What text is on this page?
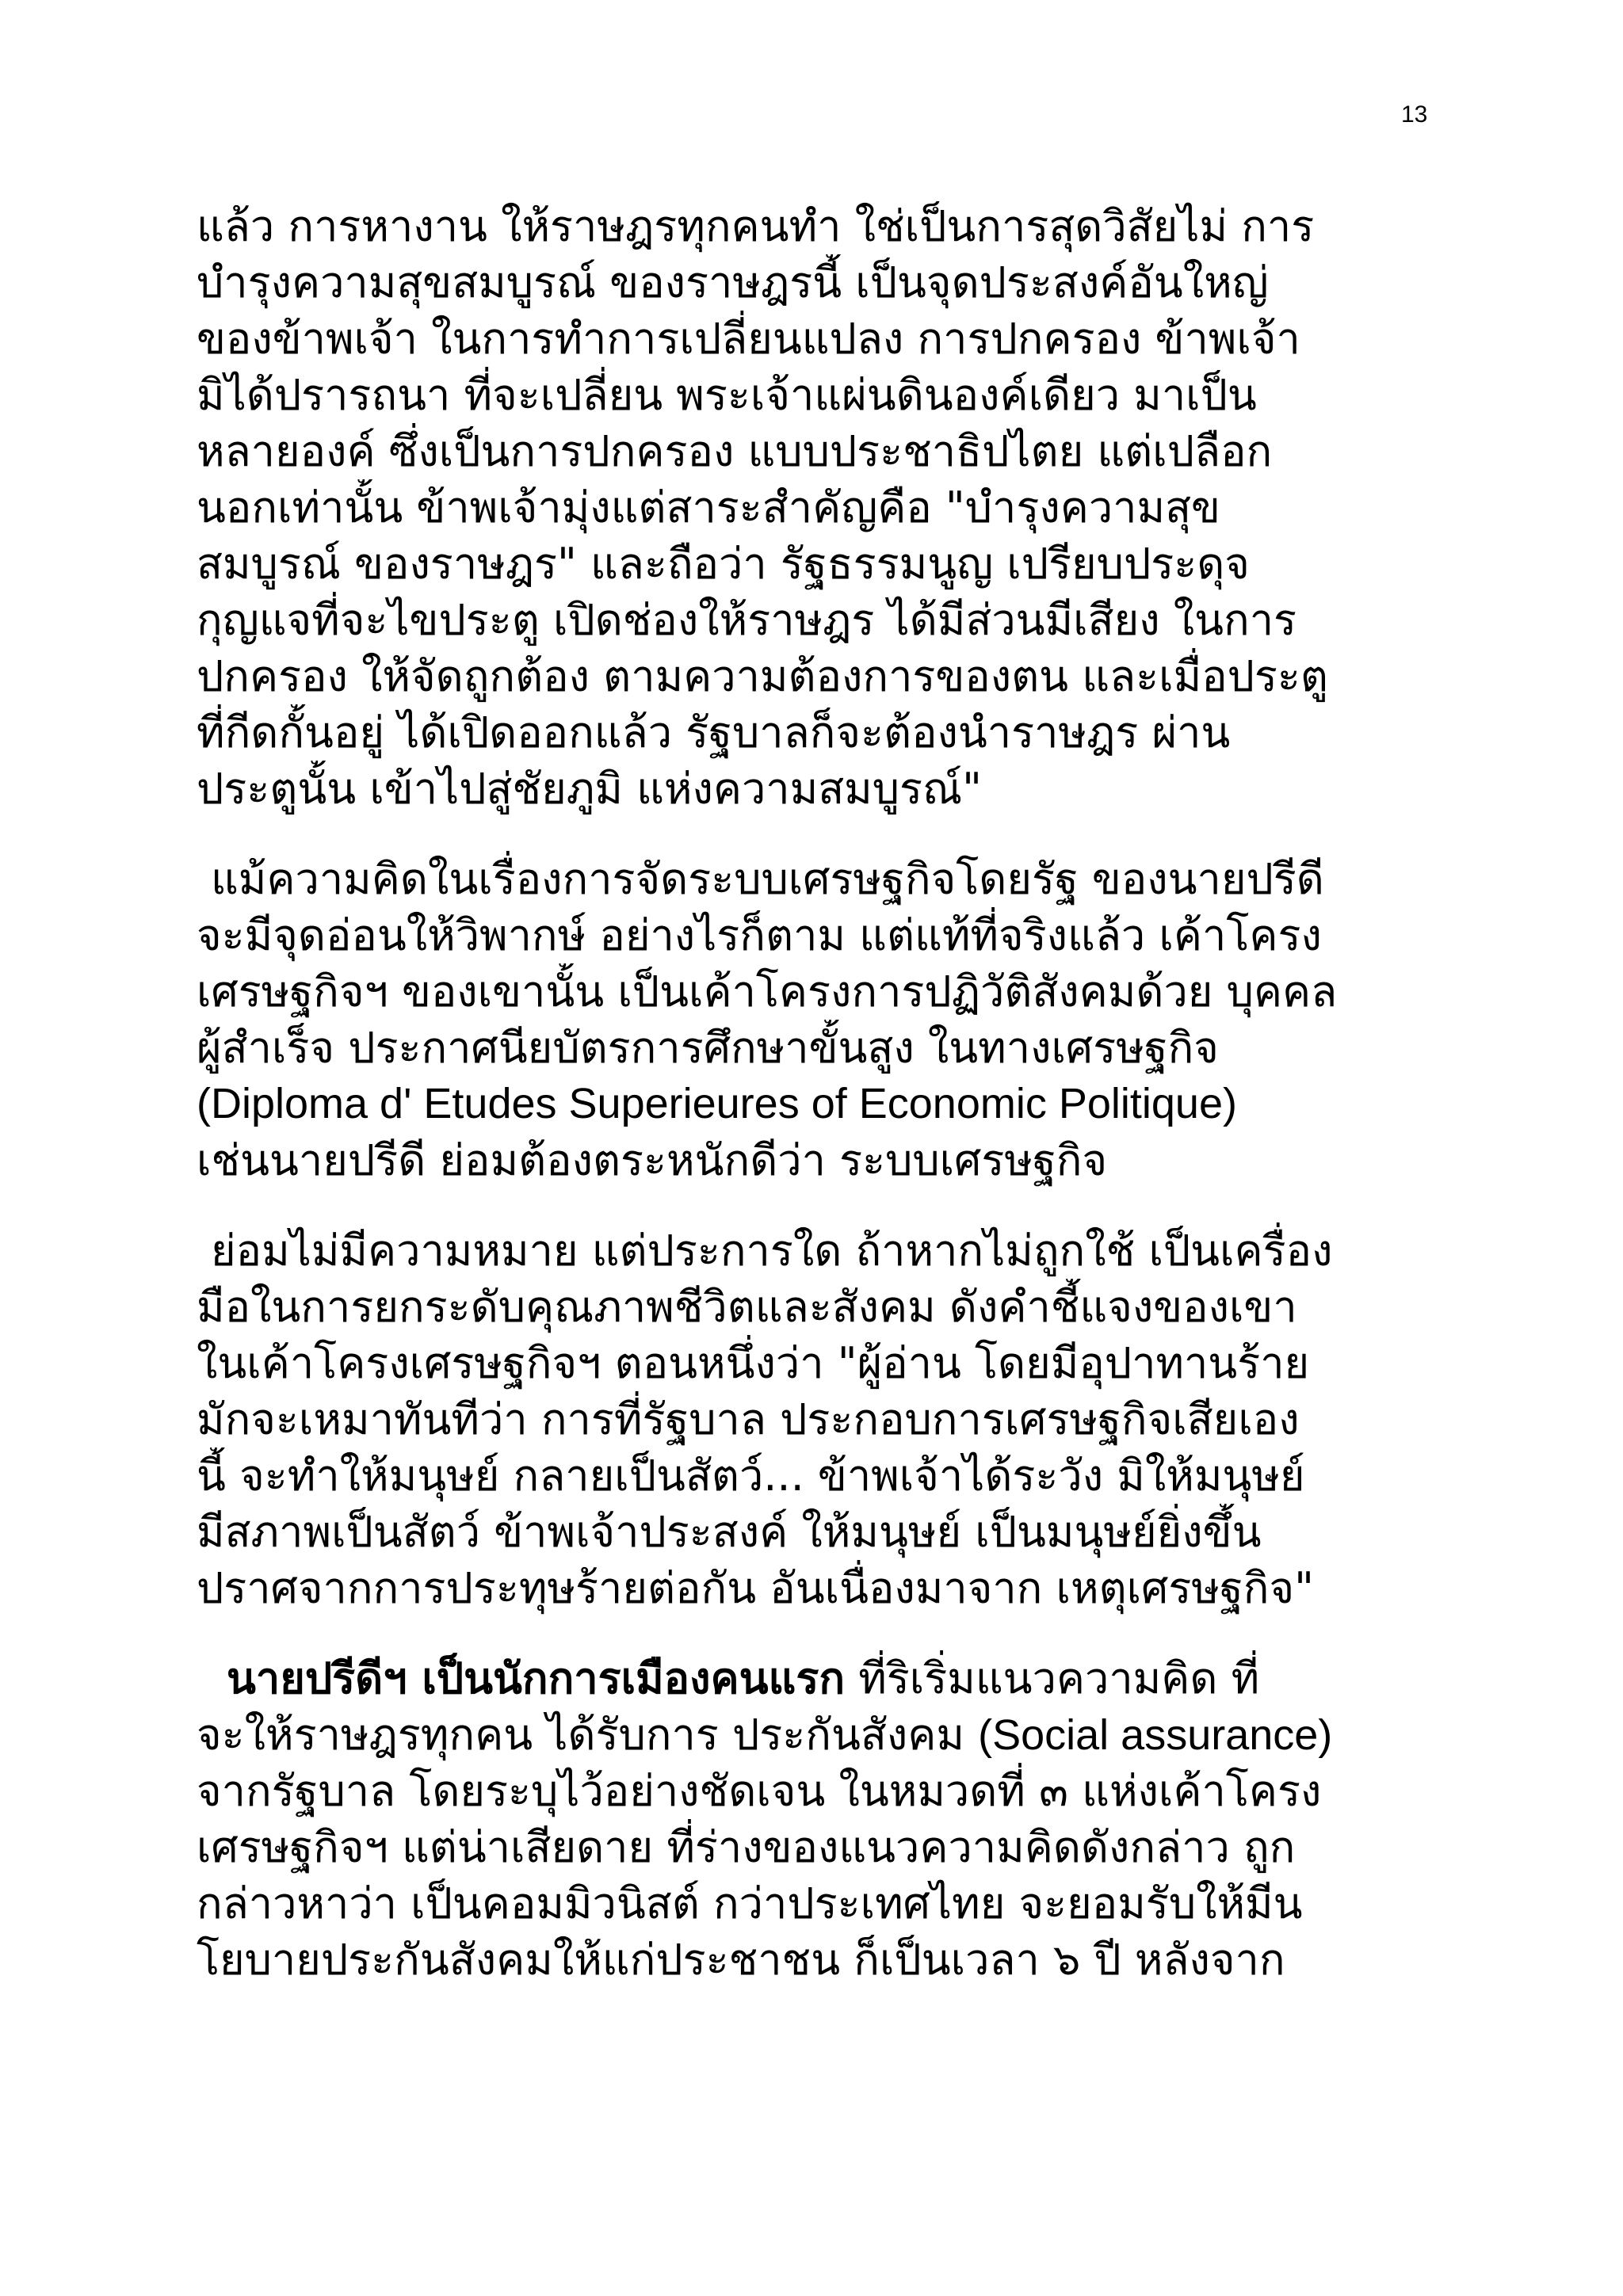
13
แล้ว การหางาน ให้ราษฎรทุกคนทำ ใช่เป็นการสุดวิสัยไม่ การ
บำรุงความสุขสมบูรณ์ ของราษฎรนี้ เป็นจุดประสงค์อันใหญ่
ของข้าพเจ้า ในการทำการเปลี่ยนแปลง การปกครอง ข้าพเจ้า
มิได้ปรารถนา ที่จะเปลี่ยน พระเจ้าแผ่นดินองค์เดียว มาเป็น
หลายองค์ ซึ่งเป็นการปกครอง แบบประชาธิปไตย แต่เปลือก
นอกเท่านั้น ข้าพเจ้ามุ่งแต่สาระสำคัญคือ "บำรุงความสุข
สมบูรณ์ ของราษฎร" และถือว่า รัฐธรรมนูญ เปรียบประดุจ
กุญแจที่จะไขประตู เปิดช่องให้ราษฎร ได้มีส่วนมีเสียง ในการ
ปกครอง ให้จัดถูกต้อง ตามความต้องการของตน และเมื่อประตู
ที่กีดกั้นอยู่ ได้เปิดออกแล้ว รัฐบาลก็จะต้องนำราษฎร ผ่าน
ประตูนั้น เข้าไปสู่ชัยภูมิ แห่งความสมบูรณ์"
แม้ความคิดในเรื่องการจัดระบบเศรษฐกิจโดยรัฐ ของนายปรีดี
จะมีจุดอ่อนให้วิพากษ์ อย่างไรก็ตาม แต่แท้ที่จริงแล้ว เค้าโครง
เศรษฐกิจฯ ของเขานั้น เป็นเค้าโครงการปฏิวัติสังคมด้วย บุคคล
ผู้สำเร็จ ประกาศนียบัตรการศึกษาขั้นสูง ในทางเศรษฐกิจ
(Diploma d' Etudes Superieures of Economic Politique)
เช่นนายปรีดี ย่อมต้องตระหนักดีว่า ระบบเศรษฐกิจ
ย่อมไม่มีความหมาย แต่ประการใด ถ้าหากไม่ถูกใช้ เป็นเครื่อง
มือในการยกระดับคุณภาพชีวิตและสังคม ดังคำชี้แจงของเขา
ในเค้าโครงเศรษฐกิจฯ ตอนหนึ่งว่า "ผู้อ่าน โดยมีอุปาทานร้าย
มักจะเหมาทันทีว่า การที่รัฐบาล ประกอบการเศรษฐกิจเสียเอง
นี้ จะทำให้มนุษย์ กลายเป็นสัตว์... ข้าพเจ้าได้ระวัง มิให้มนุษย์
มีสภาพเป็นสัตว์ ข้าพเจ้าประสงค์ ให้มนุษย์ เป็นมนุษย์ยิ่งขึ้น
ปราศจากการประทุษร้ายต่อกัน อันเนื่องมาจาก เหตุเศรษฐกิจ"
นายปรีดีฯ เป็นนักการเมืองคนแรก ที่ริเริ่มแนวความคิด ที่
จะให้ราษฎรทุกคน ได้รับการ ประกันสังคม (Social assurance)
จากรัฐบาล โดยระบุไว้อย่างชัดเจน ในหมวดที่ ๓ แห่งเค้าโครง
เศรษฐกิจฯ แต่น่าเสียดาย ที่ร่างของแนวความคิดดังกล่าว ถูก
กล่าวหาว่า เป็นคอมมิวนิสต์ กว่าประเทศไทย จะยอมรับให้มีน
โยบายประกันสังคมให้แก่ประชาชน ก็เป็นเวลา ๖ ปี หลังจาก
